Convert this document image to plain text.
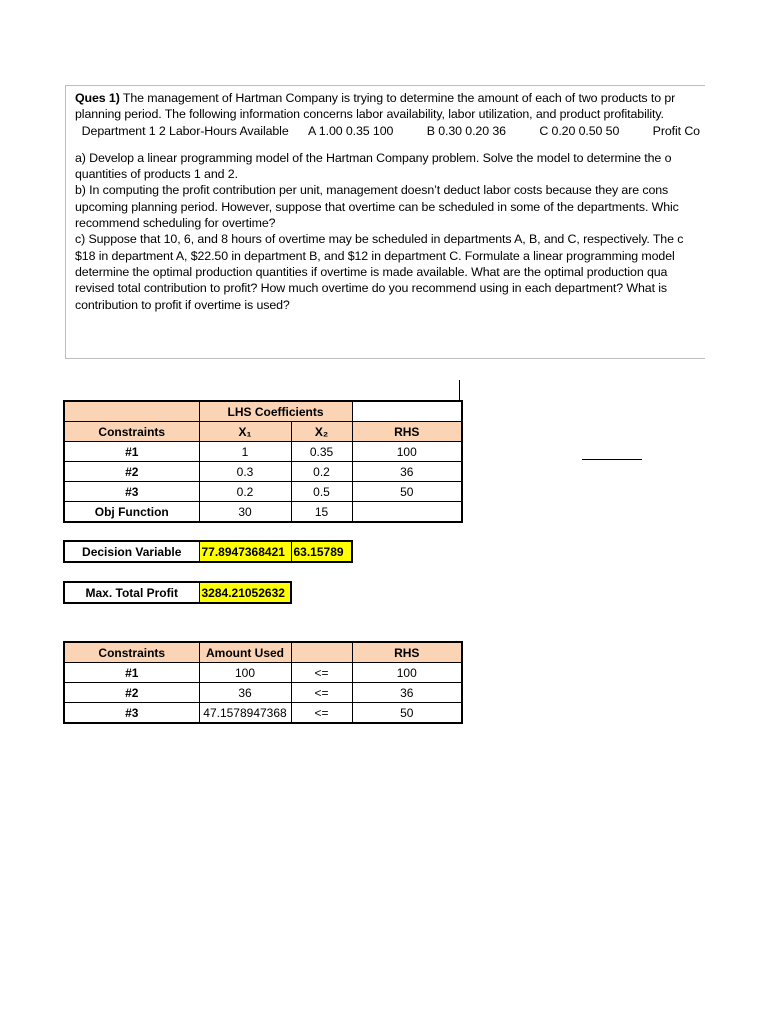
Ques 1) The management of Hartman Company is trying to determine the amount of each of two products to pr
planning period. The following information concerns labor availability, labor utilization, and product profitability.
Department 1 2 Labor-Hours Available      A 1.00 0.35 100          B 0.30 0.20 36          C 0.20 0.50 50          Profit Co
a) Develop a linear programming model of the Hartman Company problem. Solve the model to determine the o
quantities of products 1 and 2.
b) In computing the profit contribution per unit, management doesn’t deduct labor costs because they are cons
upcoming planning period. However, suppose that overtime can be scheduled in some of the departments. Whic
recommend scheduling for overtime?
c) Suppose that 10, 6, and 8 hours of overtime may be scheduled in departments A, B, and C, respectively. The c
$18 in department A, $22.50 in department B, and $12 in department C. Formulate a linear programming model
determine the optimal production quantities if overtime is made available. What are the optimal production qua
revised total contribution to profit? How much overtime do you recommend using in each department? What is
contribution to profit if overtime is used?
	LHS Coefficients		
Constraints	X₁	X₂	RHS
#1	1	0.35	100
#2	0.3	0.2	36
#3	0.2	0.5	50
Obj Function	30	15	
Decision Variable	77.8947368421	63.15789
Max. Total Profit	3284.21052632
Constraints	Amount Used		RHS
#1	100	<=	100
#2	36	<=	36
#3	47.1578947368	<=	50
